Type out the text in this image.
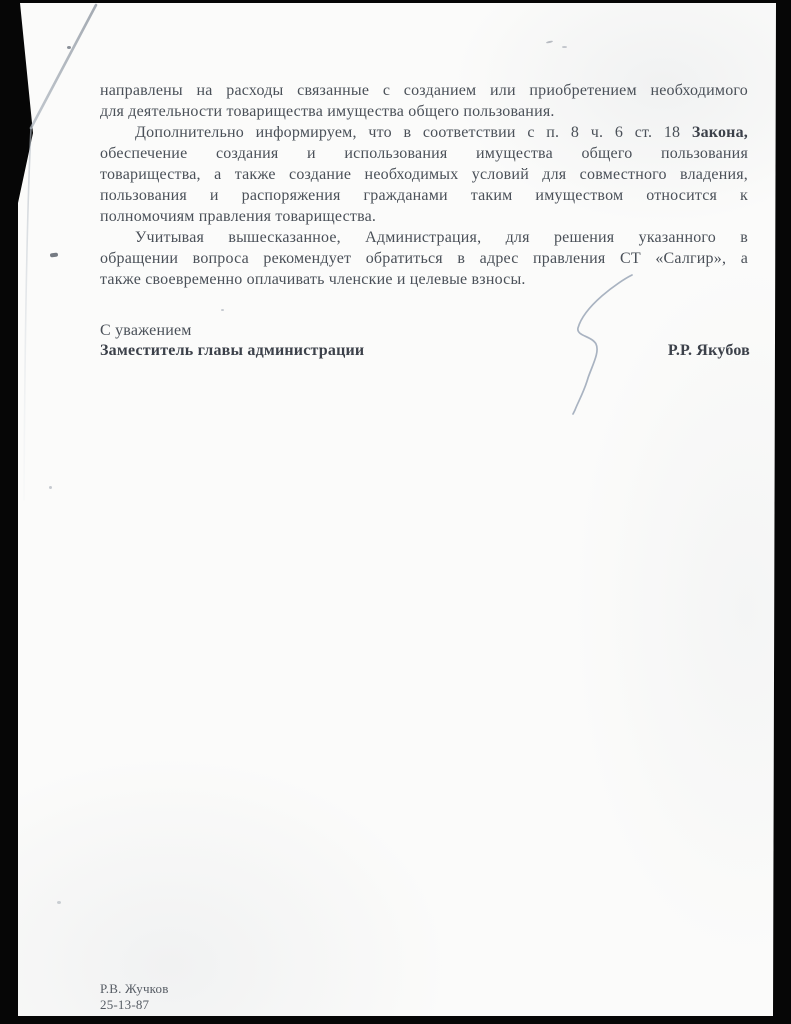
направлены на расходы связанные с созданием или приобретением необходимого
для деятельности товарищества имущества общего пользования.
Дополнительно информируем, что в соответствии с п. 8 ч. 6 ст. 18 Закона,
обеспечение создания и использования имущества общего пользования
товарищества, а также создание необходимых условий для совместного владения,
пользования и распоряжения гражданами таким имуществом относится к
полномочиям правления товарищества.
Учитывая вышесказанное, Администрация, для решения указанного в
обращении вопроса рекомендует обратиться в адрес правления СТ «Салгир», а
также своевременно оплачивать членские и целевые взносы.
С уважением
Заместитель главы администрации	Р.Р. Якубов
Р.В. Жучков
25-13-87
